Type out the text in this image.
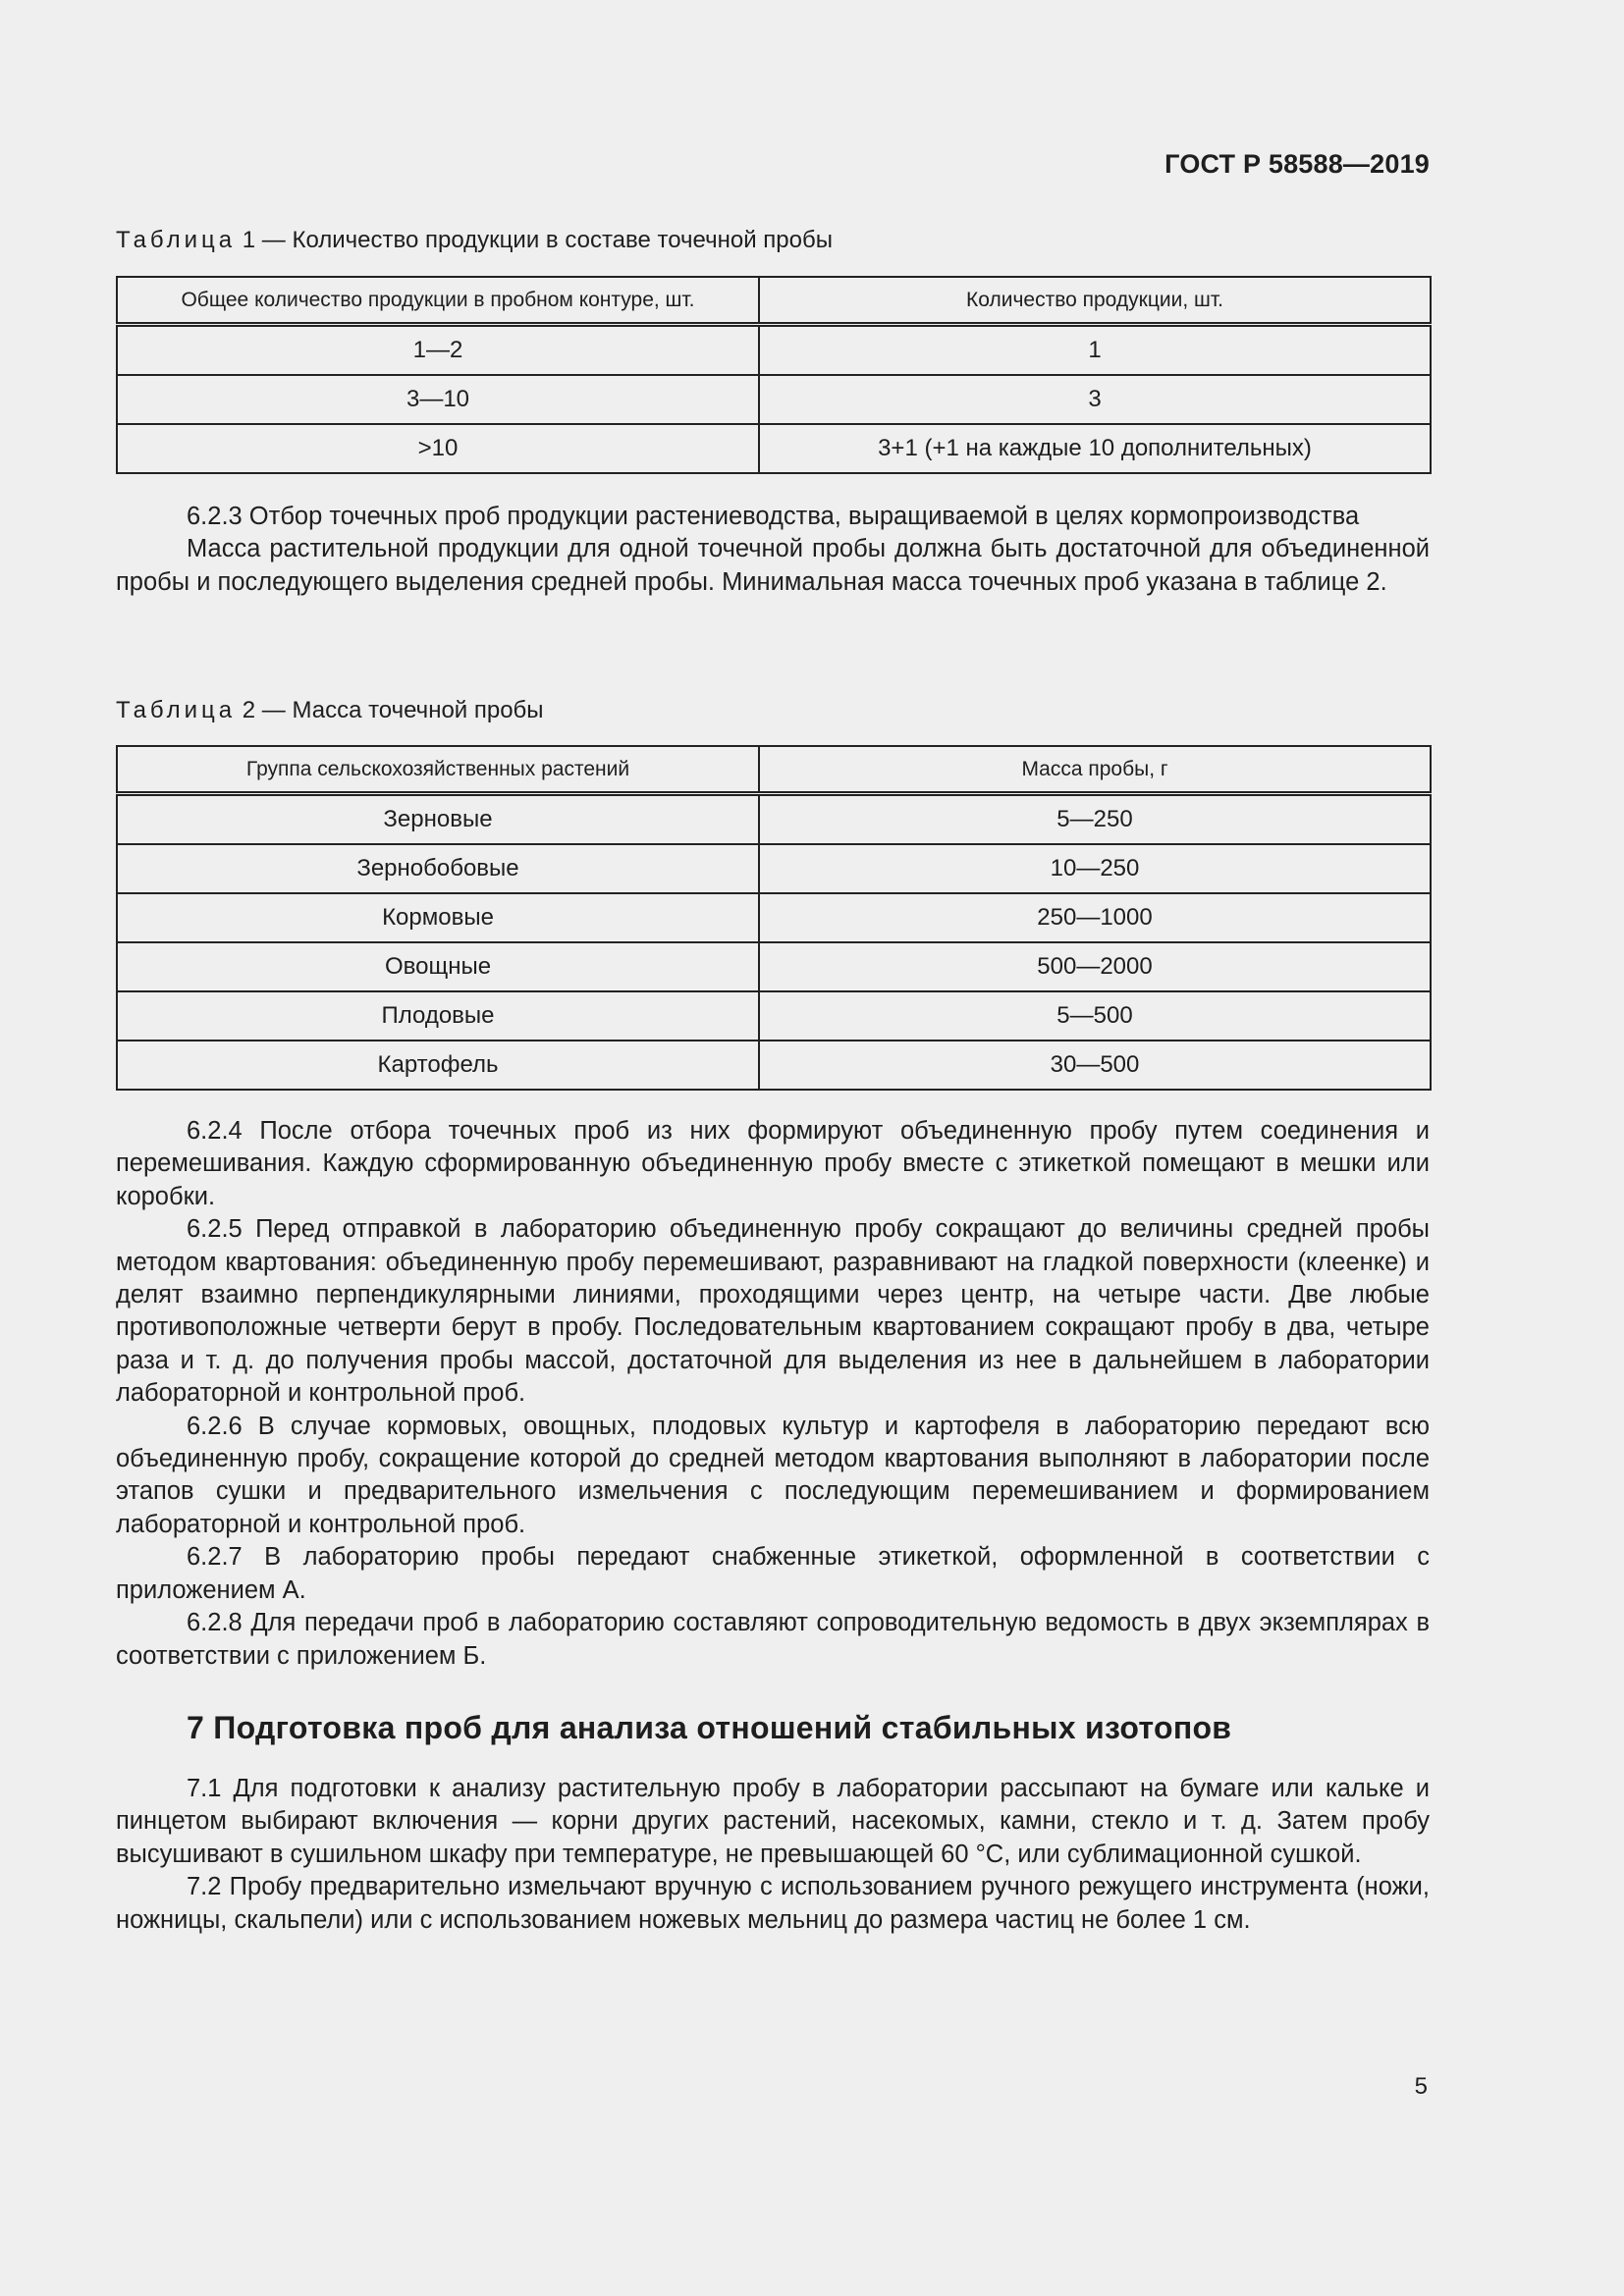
ГОСТ Р 58588—2019
Таблица 1 — Количество продукции в составе точечной пробы
Общее количество продукции в пробном контуре, шт.	Количество продукции, шт.
1—2	1
3—10	3
>10	3+1 (+1 на каждые 10 дополнительных)

6.2.3 Отбор точечных проб продукции растениеводства, выращиваемой в целях кормопроизводства

Масса растительной продукции для одной точечной пробы должна быть достаточной для объединенной пробы и последующего выделения средней пробы. Минимальная масса точечных проб указана в таблице 2.

Таблица 2 — Масса точечной пробы
Группа сельскохозяйственных растений	Масса пробы, г
Зерновые	5—250
Зернобобовые	10—250
Кормовые	250—1000
Овощные	500—2000
Плодовые	5—500
Картофель	30—500

6.2.4 После отбора точечных проб из них формируют объединенную пробу путем соединения и перемешивания. Каждую сформированную объединенную пробу вместе с этикеткой помещают в мешки или коробки.

6.2.5 Перед отправкой в лабораторию объединенную пробу сокращают до величины средней пробы методом квартования: объединенную пробу перемешивают, разравнивают на гладкой поверхности (клеенке) и делят взаимно перпендикулярными линиями, проходящими через центр, на четыре части. Две любые противоположные четверти берут в пробу. Последовательным квартованием сокращают пробу в два, четыре раза и т. д. до получения пробы массой, достаточной для выделения из нее в дальнейшем в лаборатории лабораторной и контрольной проб.

6.2.6 В случае кормовых, овощных, плодовых культур и картофеля в лабораторию передают всю объединенную пробу, сокращение которой до средней методом квартования выполняют в лаборатории после этапов сушки и предварительного измельчения с последующим перемешиванием и формированием лабораторной и контрольной проб.

6.2.7 В лабораторию пробы передают снабженные этикеткой, оформленной в соответствии с приложением А.

6.2.8 Для передачи проб в лабораторию составляют сопроводительную ведомость в двух экземплярах в соответствии с приложением Б.

7 Подготовка проб для анализа отношений стабильных изотопов

7.1 Для подготовки к анализу растительную пробу в лаборатории рассыпают на бумаге или кальке и пинцетом выбирают включения — корни других растений, насекомых, камни, стекло и т. д. Затем пробу высушивают в сушильном шкафу при температуре, не превышающей 60 °С, или сублимационной сушкой.

7.2 Пробу предварительно измельчают вручную с использованием ручного режущего инструмента (ножи, ножницы, скальпели) или с использованием ножевых мельниц до размера частиц не более 1 см.

5
